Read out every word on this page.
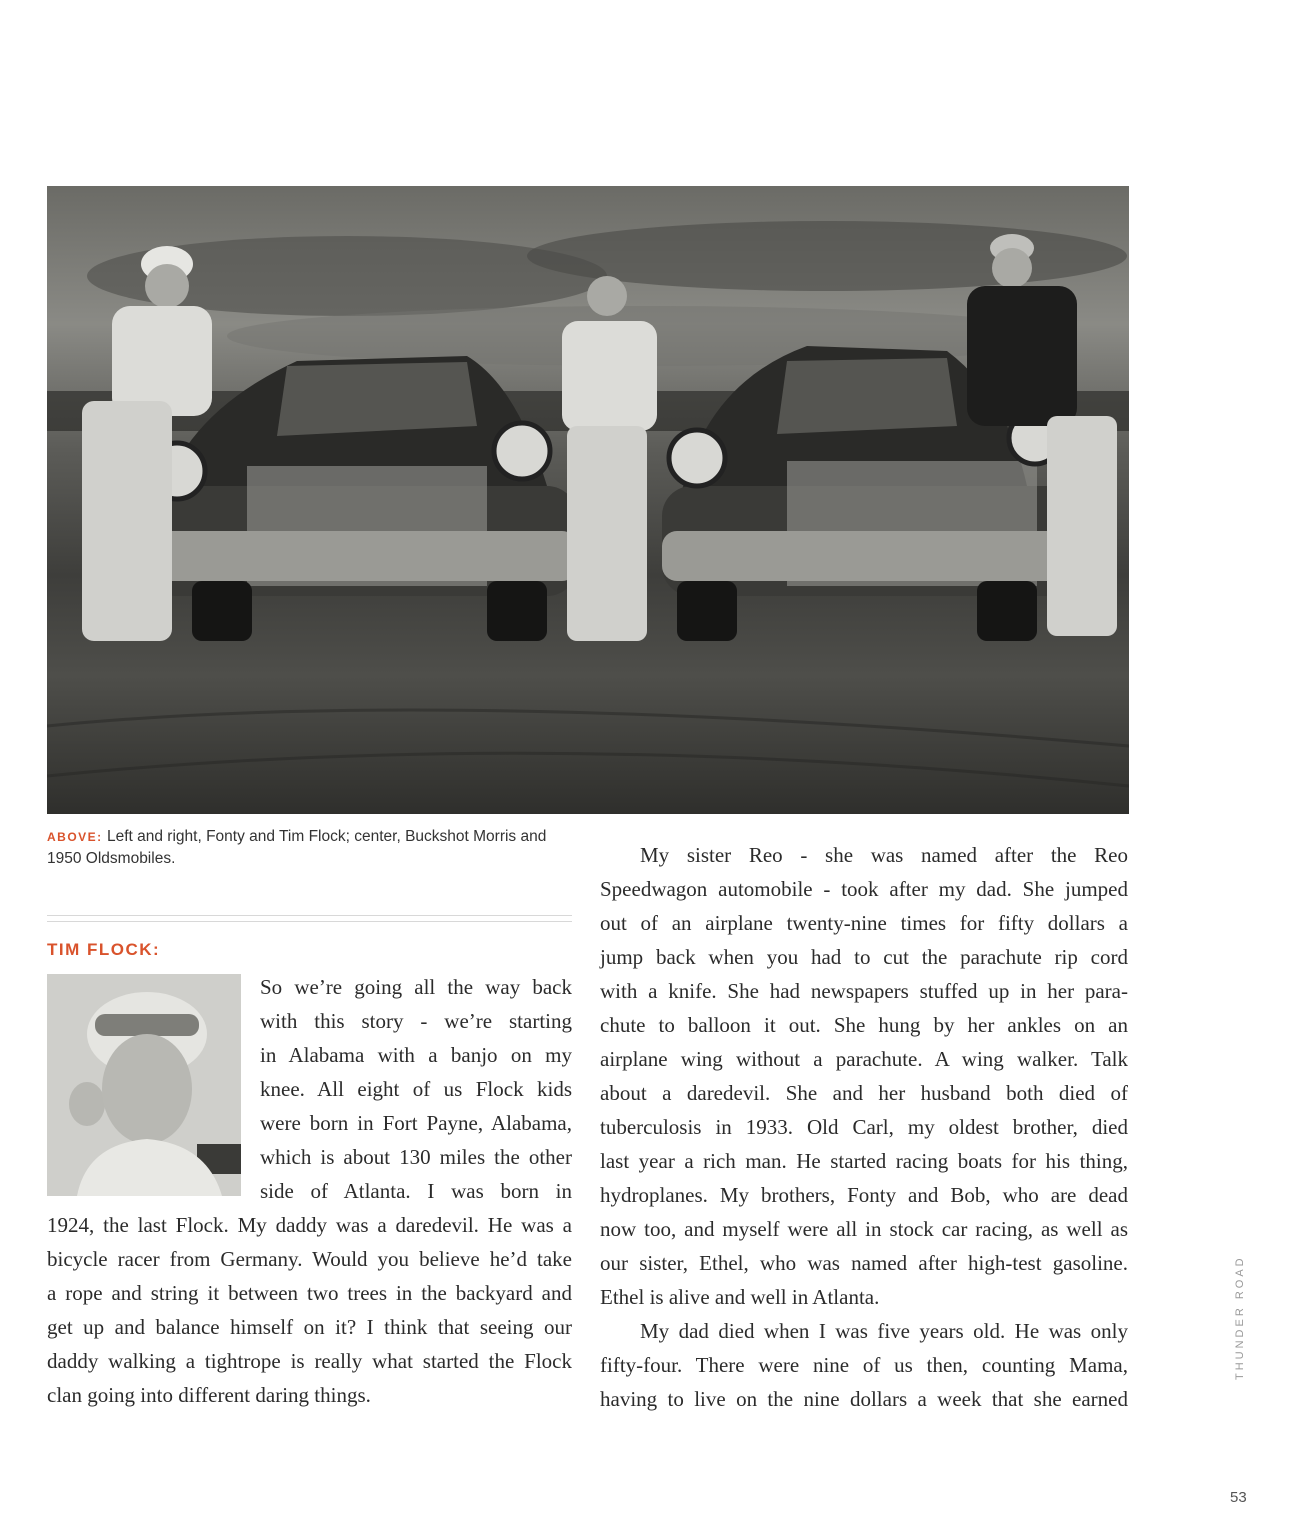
ABOVE: Left and right, Fonty and Tim Flock; center, Buckshot Morris and 1950 Oldsmobiles.
TIM FLOCK:
So we’re going all the way back
with this story - we’re starting
in Alabama with a banjo on my
knee. All eight of us Flock kids
were born in Fort Payne, Alabama,
which is about 130 miles the other
side of Atlanta. I was born in
1924, the last Flock. My daddy was a daredevil. He was a
bicycle racer from Germany. Would you believe he’d take
a rope and string it between two trees in the backyard and
get up and balance himself on it? I think that seeing our
daddy walking a tightrope is really what started the Flock
clan going into different daring things.
My sister Reo - she was named after the Reo
Speedwagon automobile - took after my dad. She jumped
out of an airplane twenty-nine times for fifty dollars a
jump back when you had to cut the parachute rip cord
with a knife. She had newspapers stuffed up in her para-
chute to balloon it out. She hung by her ankles on an
airplane wing without a parachute. A wing walker. Talk
about a daredevil. She and her husband both died of
tuberculosis in 1933. Old Carl, my oldest brother, died
last year a rich man. He started racing boats for his thing,
hydroplanes. My brothers, Fonty and Bob, who are dead
now too, and myself were all in stock car racing, as well as
our sister, Ethel, who was named after high-test gasoline.
Ethel is alive and well in Atlanta.
My dad died when I was five years old. He was only
fifty-four. There were nine of us then, counting Mama,
having to live on the nine dollars a week that she earned
THUNDER ROAD
53
